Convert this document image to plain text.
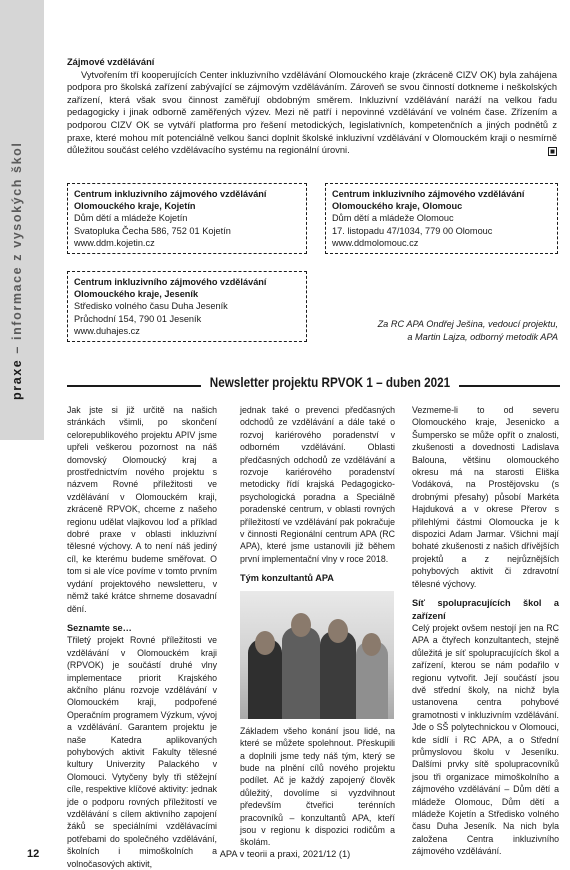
praxe – informace z vysokých škol
Zájmové vzdělávání

Vytvořením tří kooperujících Center inkluzivního vzdělávání Olomouckého kraje (zkráceně CIZV OK) byla zahájena podpora pro školská zařízení zabývající se zájmovým vzděláváním. Zároveň se svou činností dotkneme i neškolských zařízení, která však svou činnost zaměřují obdobným směrem. Inkluzivní vzdělávání naráží na velkou řadu pedagogicky i jinak odborně zaměřených výzev. Mezi ně patří i nepovinné vzdělávání ve volném čase. Zřízením a podporou CIZV OK se vytváří platforma pro řešení metodických, legislativních, kompetenčních a jiných podnětů z praxe, které mohou mít potenciálně velkou šanci doplnit školské inkluzivní vzdělávání v Olomouckém kraji o nesmírně důležitou součást celého vzdělávacího systému na regionální úrovni.

Centrum inkluzivního zájmového vzdělávání
Olomouckého kraje, Kojetín
Dům dětí a mládeže Kojetín
Svatopluka Čecha 586, 752 01 Kojetín
www.ddm.kojetin.cz
Centrum inkluzivního zájmového vzdělávání
Olomouckého kraje, Olomouc
Dům dětí a mládeže Olomouc
17. listopadu 47/1034, 779 00 Olomouc
www.ddmolomouc.cz
Centrum inkluzivního zájmového vzdělávání
Olomouckého kraje, Jeseník
Středisko volného času Duha Jeseník
Průchodní 154, 790 01 Jeseník
www.duhajes.cz
Za RC APA Ondřej Ješina, vedoucí projektu,
a Martin Lajza, odborný metodik APA
Newsletter projektu RPVOK 1 – duben 2021

Jak jste si již určitě na našich stránkách všimli, po skončení celorepublikového projektu APIV jsme upřeli veškerou pozornost na náš domovský Olomoucký kraj a prostřednictvím nového projektu s názvem Rovné příležitosti ve vzdělávání v Olomouckém kraji, zkráceně RPVOK, chceme z našeho regionu udělat vlajkovou loď a příklad dobré praxe v oblasti inkluzivní tělesné výchovy. A to není náš jediný cíl, ke kterému budeme směřovat. O tom si ale více povíme v tomto prvním vydání projektového newsletteru, v němž také krátce shrneme dosavadní dění.

Seznamte se…

Třiletý projekt Rovné příležitosti ve vzdělávání v Olomouckém kraji (RPVOK) je součástí druhé vlny implementace priorit Krajského akčního plánu rozvoje vzdělávání v Olomouckém kraji, podpořené Operačním programem Výzkum, vývoj a vzdělávání. Garantem projektu je naše Katedra aplikovaných pohybových aktivit Fakulty tělesné kultury Univerzity Palackého v Olomouci. Vytyčeny byly tři stěžejní cíle, respektive klíčové aktivity: jednak jde o podporu rovných příležitostí ve vzdělávání s cílem aktivního zapojení žáků se speciálními vzdělávacími potřebami do společného vzdělávání, školních i mimoškolních a volnočasových aktivit,

jednak také o prevenci předčasných odchodů ze vzdělávání a dále také o rozvoj kariérového poradenství v odborném vzdělávání. Oblasti předčasných odchodů ze vzdělávání a rozvoje kariérového poradenství metodicky řídí krajská Pedagogicko-psychologická poradna a Speciálně poradenské centrum, v oblasti rovných příležitostí ve vzdělávání pak pokračuje v činnosti Regionální centrum APA (RC APA), které jsme ustanovili již během první implementační vlny v roce 2018.

Tým konzultantů APA

Základem všeho konání jsou lidé, na které se můžete spolehnout. Přeskupili a doplnili jsme tedy náš tým, který se bude na plnění cílů nového projektu podílet. Ač je každý zapojený člověk důležitý, dovolíme si vyzdvihnout především čtveřici terénních pracovníků – konzultantů APA, kteří jsou v regionu k dispozici rodičům a školám.

Vezmeme-li to od severu Olomouckého kraje, Jesenicko a Šumpersko se může opřít o znalosti, zkušenosti a dovednosti Ladislava Balouna, většinu olomouckého okresu má na starosti Eliška Vodáková, na Prostějovsku (s drobnými přesahy) působí Markéta Hajduková a v okrese Přerov s přilehlými částmi Olomoucka je k dispozici Adam Jarmar. Všichni mají bohaté zkušenosti z našich dřívějších projektů a z nejrůznějších pohybových aktivit či zdravotní tělesné výchovy.

Síť spolupracujících škol a zařízení

Celý projekt ovšem nestojí jen na RC APA a čtyřech konzultantech, stejně důležitá je síť spolupracujících škol a zařízení, kterou se nám podařilo v regionu vytvořit. Její součástí jsou dvě střední školy, na nichž byla ustanovena centra pohybové gramotnosti v inkluzivním vzdělávání. Jde o SŠ polytechnickou v Olomouci, kde sídlí i RC APA, a o Střední průmyslovou školu v Jeseníku. Dalšími prvky sítě spolupracovníků jsou tři organizace mimoškolního a zájmového vzdělávání – Dům dětí a mládeže Olomouc, Dům dětí a mládeže Kojetín a Středisko volného času Duha Jeseník. Na nich byla založena Centra inkluzivního zájmového vzdělávání.

12	APA v teorii a praxi, 2021/12 (1)
